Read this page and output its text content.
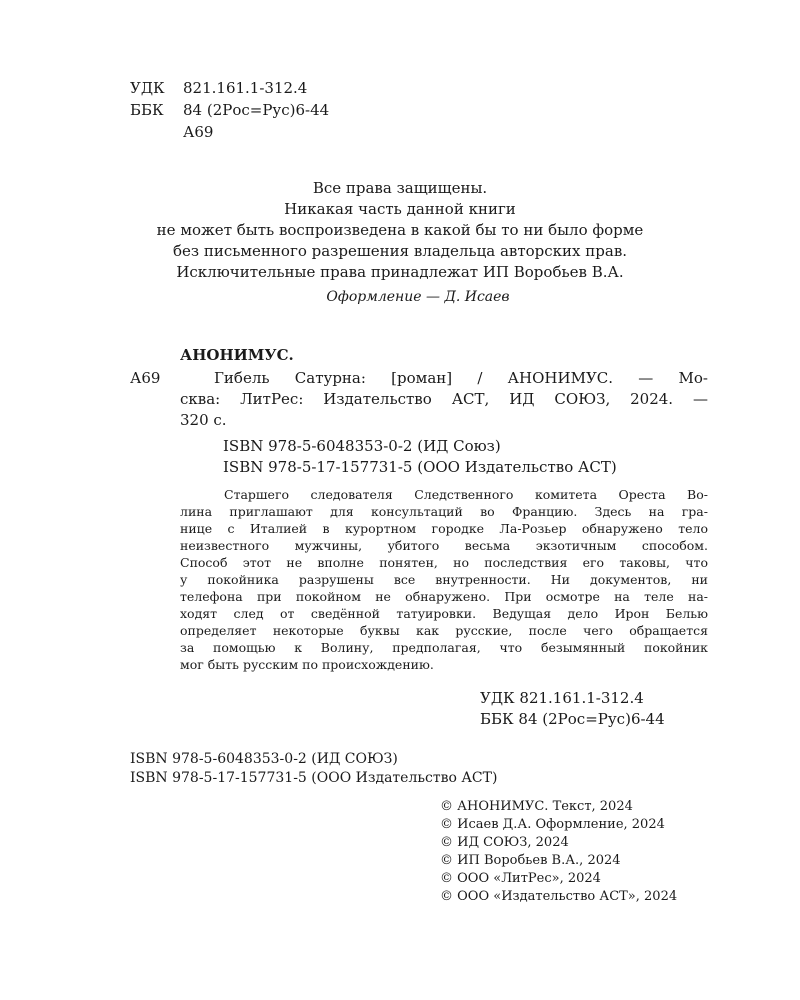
УДК 821.161.1-312.4
ББК 84 (2Рос=Рус)6-44
А69
Все права защищены.
Никакая часть данной книги
не может быть воспроизведена в какой бы то ни было форме
без письменного разрешения владельца авторских прав.
Исключительные права принадлежат ИП Воробьев В.А.
Оформление — Д. Исаев
АНОНИМУС.
А69	Гибель Сатурна: [роман] / АНОНИМУС. — Мо-
сква: ЛитРес: Издательство АСТ, ИД СОЮЗ, 2024. —
320 с.
ISBN 978-5-6048353-0-2 (ИД Союз)
ISBN 978-5-17-157731-5 (ООО Издательство АСТ)
Старшего следователя Следственного комитета Ореста Во-
лина приглашают для консультаций во Францию. Здесь на гра-
нице с Италией в курортном городке Ла-Розьер обнаружено тело
неизвестного мужчины, убитого весьма экзотичным способом.
Способ этот не вполне понятен, но последствия его таковы, что
у покойника разрушены все внутренности. Ни документов, ни
телефона при покойном не обнаружено. При осмотре на теле на-
ходят след от сведённой татуировки. Ведущая дело Ирон Белью
определяет некоторые буквы как русские, после чего обращается
за помощью к Волину, предполагая, что безымянный покойник
мог быть русским по происхождению.
УДК 821.161.1-312.4
ББК 84 (2Рос=Рус)6-44
ISBN 978-5-6048353-0-2 (ИД СОЮЗ)
ISBN 978-5-17-157731-5 (ООО Издательство АСТ)
© АНОНИМУС. Текст, 2024
© Исаев Д.А. Оформление, 2024
© ИД СОЮЗ, 2024
© ИП Воробьев В.А., 2024
© ООО «ЛитРес», 2024
© ООО «Издательство АСТ», 2024
